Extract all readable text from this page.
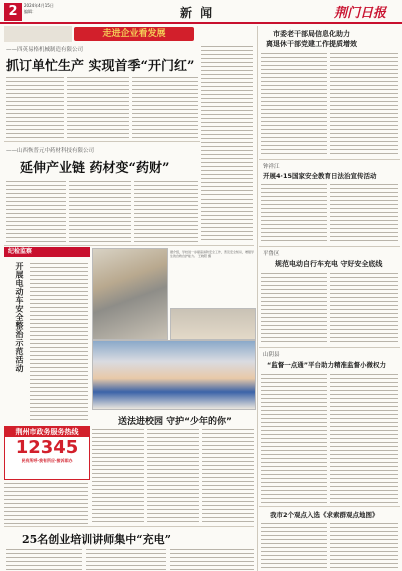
2	2024年4月15日
编辑：	新 闻	荆门日报
走进企业看发展
——四英易格机械制造有限公司
抓订单忙生产 实现首季“开门红”
——山西恢普元中药材科技有限公司
延伸产业链 药材变“药财”
市委老干部局信息化助力
离退休干部党建工作提质增效
钟祥江
开展4·15国家安全教育日法治宣传活动
平鲁区
规范电动自行车充电 守好安全底线
山阴县
“监督一点通”平台助力精准监督小微权力
我市2个观点入选《求索群观点地图》
纪检监察
开展电动车安全整治示范活动
荆州市政务服务热线
12345
民有所呼·我有所应·接诉即办
据介绍，学校进一步提高消防安全工作，普及安全知识，增强学生的自救自护能力。 王晓阳 摄
送法进校园 守护“少年的你”
25名创业培训讲师集中“充电”
